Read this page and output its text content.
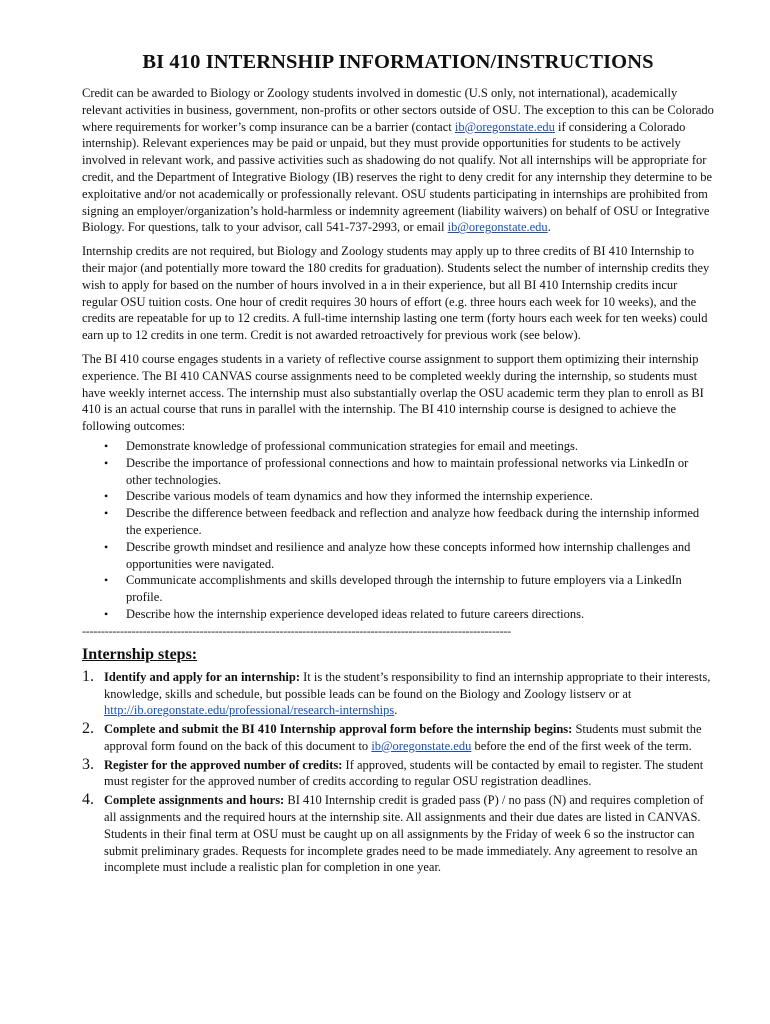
BI 410 INTERNSHIP INFORMATION/INSTRUCTIONS

Credit can be awarded to Biology or Zoology students involved in domestic (U.S only, not international), academically relevant activities in business, government, non-profits or other sectors outside of OSU. The exception to this can be Colorado where requirements for worker’s comp insurance can be a barrier (contact ib@oregonstate.edu if considering a Colorado internship). Relevant experiences may be paid or unpaid, but they must provide opportunities for students to be actively involved in relevant work, and passive activities such as shadowing do not qualify. Not all internships will be appropriate for credit, and the Department of Integrative Biology (IB) reserves the right to deny credit for any internship they determine to be exploitative and/or not academically or professionally relevant. OSU students participating in internships are prohibited from signing an employer/organization’s hold-harmless or indemnity agreement (liability waivers) on behalf of OSU or Integrative Biology. For questions, talk to your advisor, call 541-737-2993, or email ib@oregonstate.edu.

Internship credits are not required, but Biology and Zoology students may apply up to three credits of BI 410 Internship to their major (and potentially more toward the 180 credits for graduation). Students select the number of internship credits they wish to apply for based on the number of hours involved in a in their experience, but all BI 410 Internship credits incur regular OSU tuition costs. One hour of credit requires 30 hours of effort (e.g. three hours each week for 10 weeks), and the credits are repeatable for up to 12 credits. A full-time internship lasting one term (forty hours each week for ten weeks) could earn up to 12 credits in one term. Credit is not awarded retroactively for previous work (see below).

The BI 410 course engages students in a variety of reflective course assignment to support them optimizing their internship experience. The BI 410 CANVAS course assignments need to be completed weekly during the internship, so students must have weekly internet access. The internship must also substantially overlap the OSU academic term they plan to enroll as BI 410 is an actual course that runs in parallel with the internship. The BI 410 internship course is designed to achieve the following outcomes:

• Demonstrate knowledge of professional communication strategies for email and meetings.
• Describe the importance of professional connections and how to maintain professional networks via LinkedIn or other technologies.
• Describe various models of team dynamics and how they informed the internship experience.
• Describe the difference between feedback and reflection and analyze how feedback during the internship informed the experience.
• Describe growth mindset and resilience and analyze how these concepts informed how internship challenges and opportunities were navigated.
• Communicate accomplishments and skills developed through the internship to future employers via a LinkedIn profile.
• Describe how the internship experience developed ideas related to future careers directions.
-----------------------------------------------------------------------------------------------------------------
Internship steps:
1. Identify and apply for an internship: It is the student’s responsibility to find an internship appropriate to their interests, knowledge, skills and schedule, but possible leads can be found on the Biology and Zoology listserv or at http://ib.oregonstate.edu/professional/research-internships.
2. Complete and submit the BI 410 Internship approval form before the internship begins: Students must submit the approval form found on the back of this document to ib@oregonstate.edu before the end of the first week of the term.
3. Register for the approved number of credits: If approved, students will be contacted by email to register. The student must register for the approved number of credits according to regular OSU registration deadlines.
4. Complete assignments and hours: BI 410 Internship credit is graded pass (P) / no pass (N) and requires completion of all assignments and the required hours at the internship site. All assignments and their due dates are listed in CANVAS. Students in their final term at OSU must be caught up on all assignments by the Friday of week 6 so the instructor can submit preliminary grades. Requests for incomplete grades need to be made immediately. Any agreement to resolve an incomplete must include a realistic plan for completion in one year.
